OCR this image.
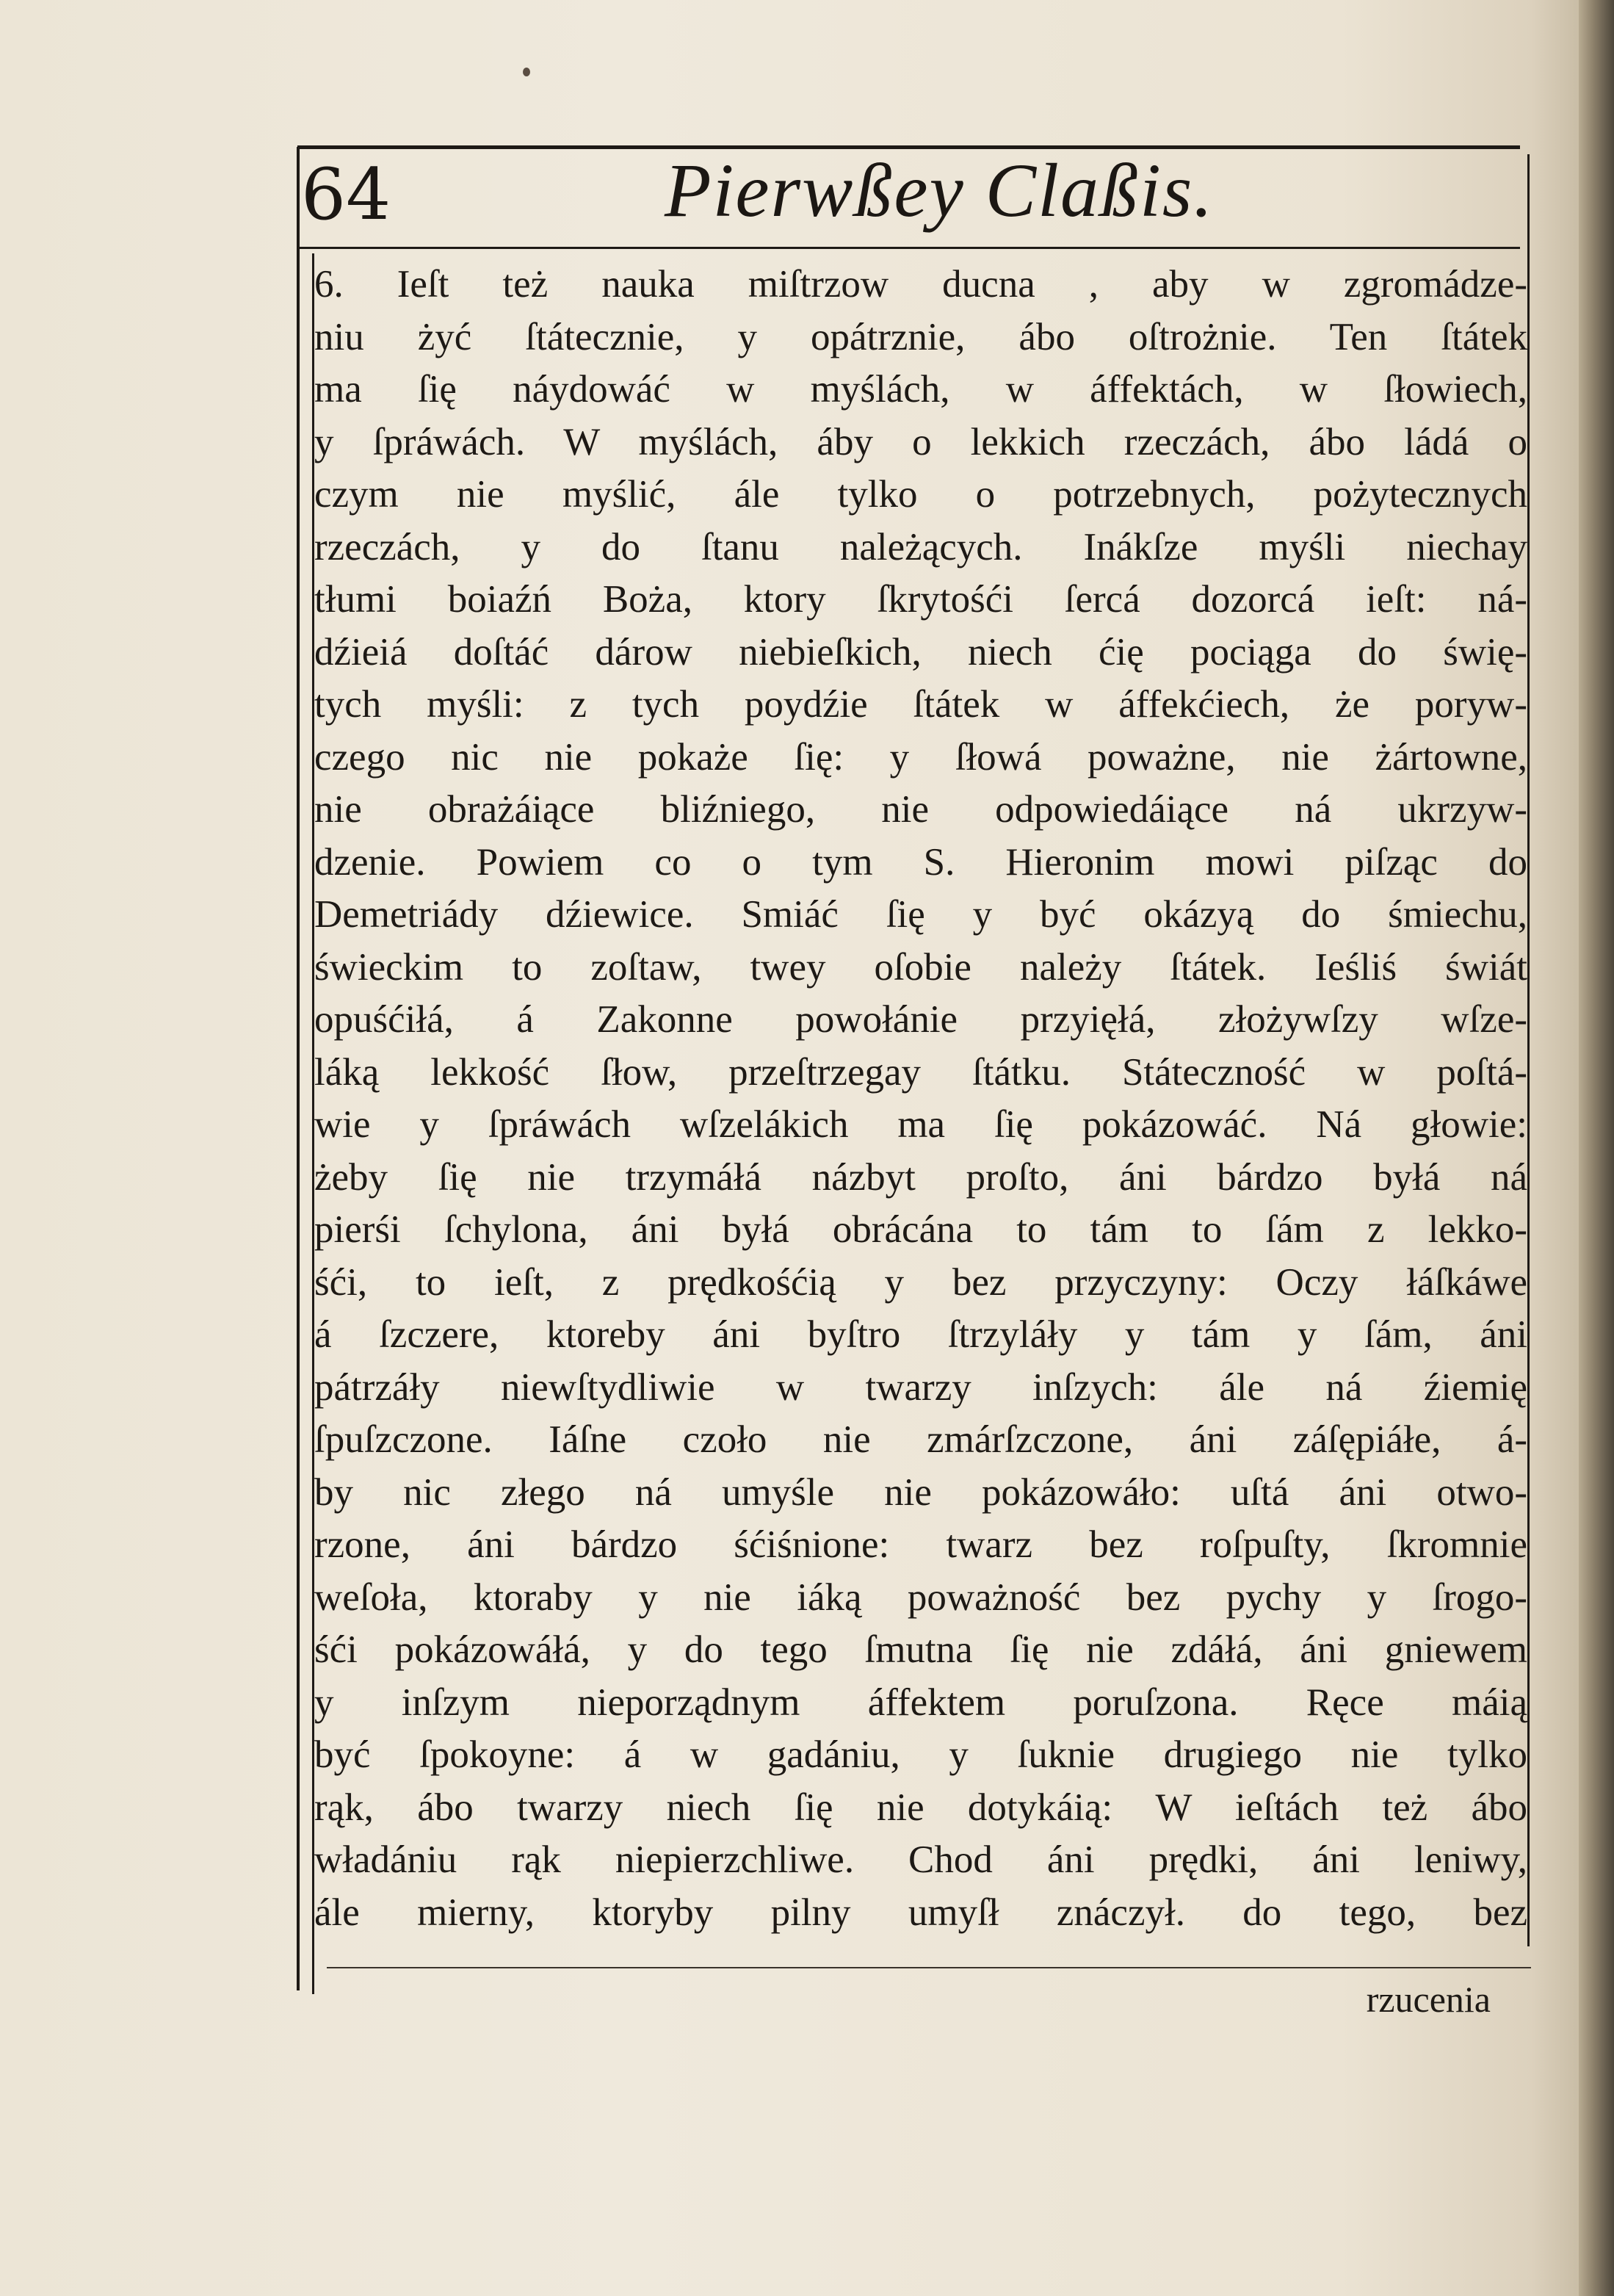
64	Pierwßey Claßis.
6. Ieſt też nauka miſtrzow ducna , aby w zgromádze-
niu żyć ſtátecznie, y opátrznie, ábo oſtrożnie. Ten ſtátek
ma ſię náydowáć w myślách, w áffektách, w ſłowiech,
y ſpráwách. W myślách, áby o lekkich rzeczách, ábo ládá o
czym nie myślić, ále tylko o potrzebnych, pożytecznych
rzeczách, y do ſtanu należących. Inákſze myśli niechay
tłumi boiaźń Boża, ktory ſkrytośći ſercá dozorcá ieſt: ná-
dźieiá doſtáć dárow niebieſkich, niech ćię pociąga do świę-
tych myśli: z tych poydźie ſtátek w áffekćiech, że poryw-
czego nic nie pokaże ſię: y ſłowá poważne, nie żártowne,
nie obrażáiące bliźniego, nie odpowiedáiące ná ukrzyw-
dzenie. Powiem co o tym S. Hieronim mowi piſząc do
Demetriády dźiewice. Smiáć ſię y być okázyą do śmiechu,
świeckim to zoſtaw, twey oſobie należy ſtátek. Ieśliś świát
opuśćiłá, á Zakonne powołánie przyięłá, złożywſzy wſze-
láką lekkość ſłow, przeſtrzegay ſtátku. Státeczność w poſtá-
wie y ſpráwách wſzelákich ma ſię pokázowáć. Ná głowie:
żeby ſię nie trzymáłá názbyt proſto, áni bárdzo byłá ná
pierśi ſchylona, áni byłá obrácána to tám to ſám z lekko-
śći, to ieſt, z prędkośćią y bez przyczyny: Oczy łáſkáwe
á ſzczere, ktoreby áni byſtro ſtrzyláły y tám y ſám, áni
pátrzáły niewſtydliwie w twarzy inſzych: ále ná źiemię
ſpuſzczone. Iáſne czoło nie zmárſzczone, áni záſępiáłe, á-
by nic złego ná umyśle nie pokázowáło: uſtá áni otwo-
rzone, áni bárdzo śćiśnione: twarz bez roſpuſty, ſkromnie
weſoła, ktoraby y nie iáką poważność bez pychy y ſrogo-
śći pokázowáłá, y do tego ſmutna ſię nie zdáłá, áni gniewem
y inſzym nieporządnym áffektem poruſzona. Ręce máią
być ſpokoyne: á w gadániu, y ſuknie drugiego nie tylko
rąk, ábo twarzy niech ſię nie dotykáią: W ieſtách też ábo
władániu rąk niepierzchliwe. Chod áni prędki, áni leniwy,
ále mierny, ktoryby pilny umyſł znáczył. do tego, bez
rzucenia
